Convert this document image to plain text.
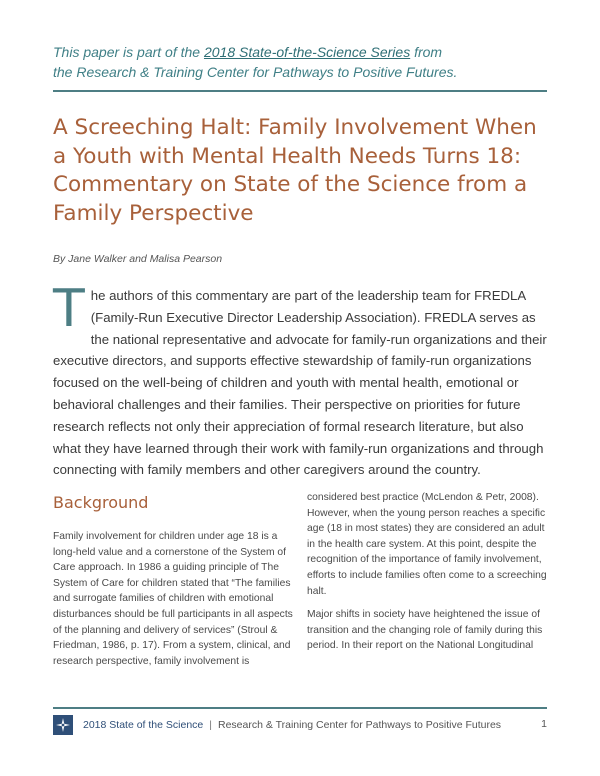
This paper is part of the 2018 State-of-the-Science Series from
the Research & Training Center for Pathways to Positive Futures.
A Screeching Halt: Family Involvement When a Youth with Mental Health Needs Turns 18: Commentary on State of the Science from a Family Perspective
By Jane Walker and Malisa Pearson

The authors of this commentary are part of the leadership team for FREDLA (Family-Run Executive Director Leadership Association). FREDLA serves as the national representative and advocate for family-run organizations and their executive directors, and supports effective stewardship of family-run organizations focused on the well-being of children and youth with mental health, emotional or behavioral challenges and their families. Their perspective on priorities for future research reflects not only their appreciation of formal research literature, but also what they have learned through their work with family-run organizations and through connecting with family members and other caregivers around the country.

Background

Family involvement for children under age 18 is a long-held value and a cornerstone of the System of Care approach. In 1986 a guiding principle of The System of Care for children stated that “The families and surrogate families of children with emotional disturbances should be full participants in all aspects of the planning and delivery of services” (Stroul & Friedman, 1986, p. 17). From a system, clinical, and research perspective, family involvement is

considered best practice (McLendon & Petr, 2008). However, when the young person reaches a specific age (18 in most states) they are considered an adult in the health care system. At this point, despite the recognition of the importance of family involvement, efforts to include families often come to a screeching halt.

Major shifts in society have heightened the issue of transition and the changing role of family during this period. In their report on the National Longitudinal

2018 State of the Science | Research & Training Center for Pathways to Positive Futures	1
